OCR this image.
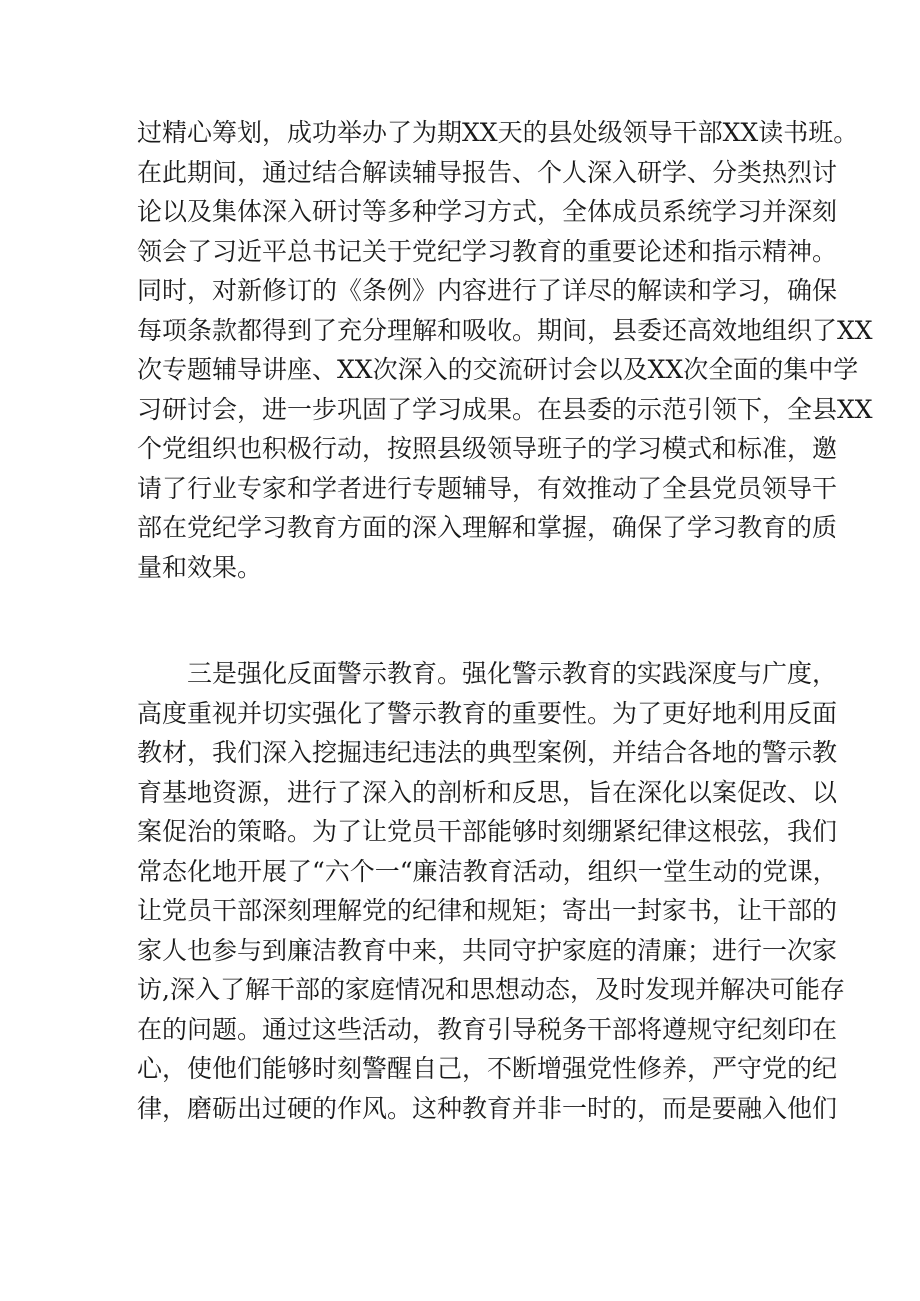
过精心筹划，成功举办了为期XX天的县处级领导干部XX读书班。
在此期间，通过结合解读辅导报告、个人深入研学、分类热烈讨
论以及集体深入研讨等多种学习方式，全体成员系统学习并深刻
领会了习近平总书记关于党纪学习教育的重要论述和指示精神。
同时，对新修订的《条例》内容进行了详尽的解读和学习，确保
每项条款都得到了充分理解和吸收。期间，县委还高效地组织了XX
次专题辅导讲座、XX次深入的交流研讨会以及XX次全面的集中学
习研讨会，进一步巩固了学习成果。在县委的示范引领下，全县XX
个党组织也积极行动，按照县级领导班子的学习模式和标准，邀
请了行业专家和学者进行专题辅导，有效推动了全县党员领导干
部在党纪学习教育方面的深入理解和掌握，确保了学习教育的质
量和效果。
三是强化反面警示教育。强化警示教育的实践深度与广度，
高度重视并切实强化了警示教育的重要性。为了更好地利用反面
教材，我们深入挖掘违纪违法的典型案例，并结合各地的警示教
育基地资源，进行了深入的剖析和反思，旨在深化以案促改、以
案促治的策略。为了让党员干部能够时刻绷紧纪律这根弦，我们
常态化地开展了“六个一“廉洁教育活动，组织一堂生动的党课，
让党员干部深刻理解党的纪律和规矩；寄出一封家书，让干部的
家人也参与到廉洁教育中来，共同守护家庭的清廉；进行一次家
访,深入了解干部的家庭情况和思想动态，及时发现并解决可能存
在的问题。通过这些活动，教育引导税务干部将遵规守纪刻印在
心，使他们能够时刻警醒自己，不断增强党性修养，严守党的纪
律，磨砺出过硬的作风。这种教育并非一时的，而是要融入他们
